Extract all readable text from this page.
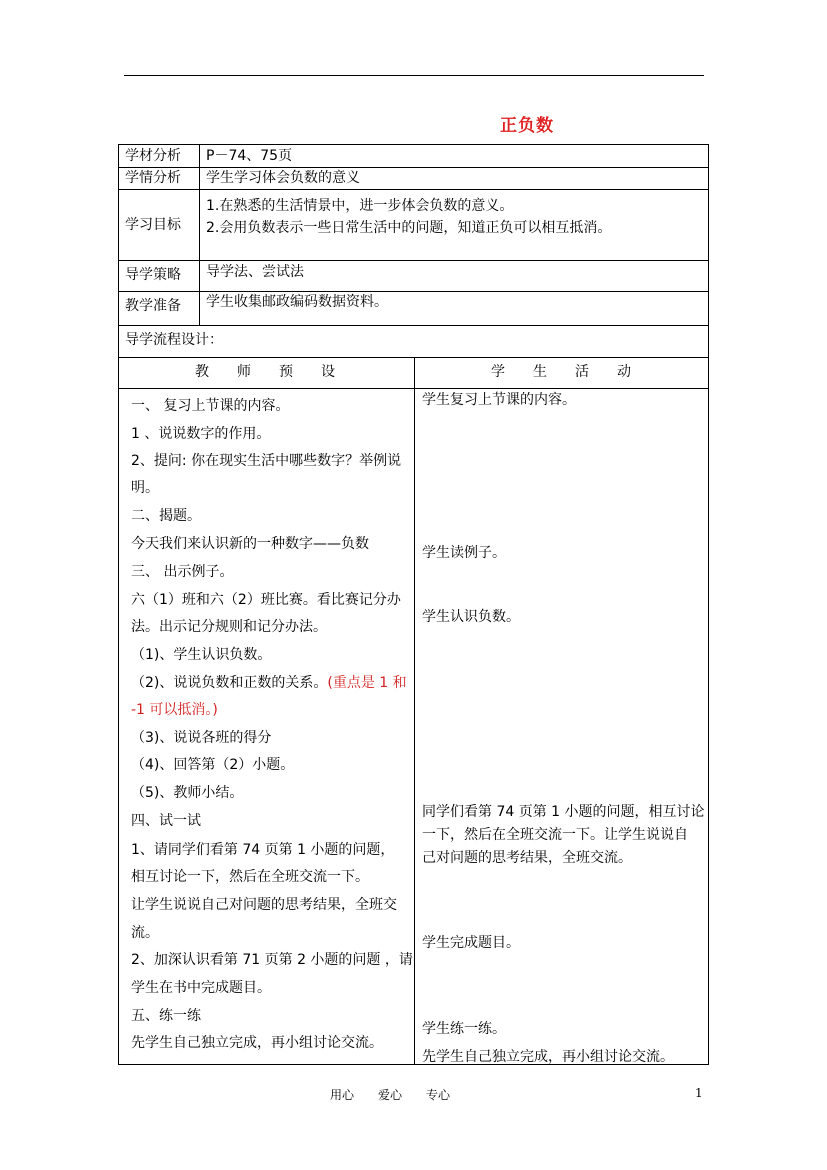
正负数
学材分析 P－74、75页
学情分析 学生学习体会负数的意义
学习目标
1.在熟悉的生活情景中，进一步体会负数的意义。
2.会用负数表示一些日常生活中的问题，知道正负可以相互抵消。
导学策略 导学法、尝试法
教学准备 学生收集邮政编码数据资料。
导学流程设计：
教　　师　　预　　设	学　　生　　活　　动
一、 复习上节课的内容。
1 、说说数字的作用。
2、提问: 你在现实生活中哪些数字？举例说
明。
二、揭题。
今天我们来认识新的一种数字——负数
三、 出示例子。
六（1）班和六（2）班比赛。看比赛记分办
法。出示记分规则和记分办法。
（1)、学生认识负数。
（2)、说说负数和正数的关系。(重点是 1 和
-1 可以抵消。)
（3)、说说各班的得分
（4)、回答第（2）小题。
（5)、教师小结。
四、试一试
1、请同学们看第 74 页第 1 小题的问题，
相互讨论一下，然后在全班交流一下。
让学生说说自己对问题的思考结果，全班交
流。
2、加深认识看第 71 页第 2 小题的问题 ，请
学生在书中完成题目。
五、练一练
先学生自己独立完成，再小组讨论交流。
学生复习上节课的内容。
学生读例子。
学生认识负数。
同学们看第 74 页第 1 小题的问题，相互讨论
一下，然后在全班交流一下。让学生说说自
己对问题的思考结果，全班交流。
学生完成题目。
学生练一练。
先学生自己独立完成，再小组讨论交流。
用心　　爱心　　专心	1
